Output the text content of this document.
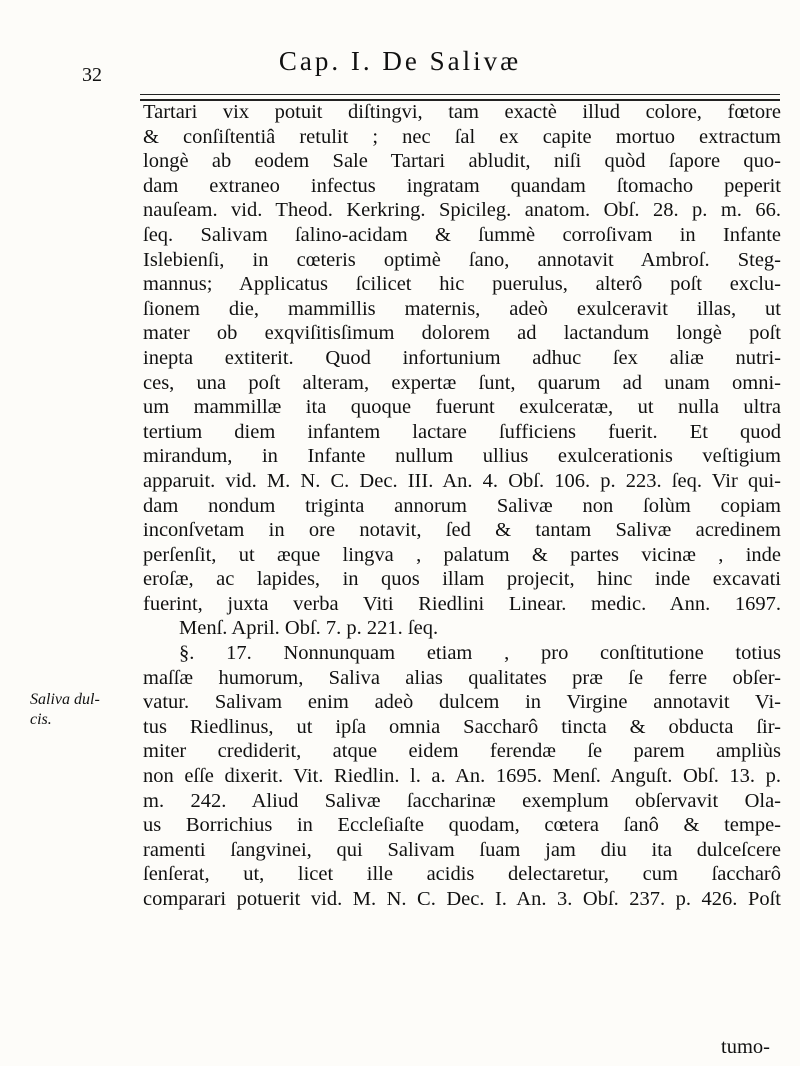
32	Cap. I. De Salivæ
Saliva dul-
cis.
Tartari vix potuit diſtingvi, tam exactè illud colore, fœtore
& conſiſtentiâ retulit ; nec ſal ex capite mortuo extractum
longè ab eodem Sale Tartari abludit, niſi quòd ſapore quo-
dam extraneo infectus ingratam quandam ſtomacho peperit
nauſeam. vid. Theod. Kerkring. Spicileg. anatom. Obſ. 28. p. m. 66.
ſeq. Salivam ſalino-acidam & ſummè corroſivam in Infante
Islebienſi, in cœteris optimè ſano, annotavit Ambroſ. Steg-
mannus; Applicatus ſcilicet hic puerulus, alterô poſt exclu-
ſionem die, mammillis maternis, adeò exulceravit illas, ut
mater ob exqviſitisſimum dolorem ad lactandum longè poſt
inepta extiterit. Quod infortunium adhuc ſex aliæ nutri-
ces, una poſt alteram, expertæ ſunt, quarum ad unam omni-
um mammillæ ita quoque fuerunt exulceratæ, ut nulla ultra
tertium diem infantem lactare ſufficiens fuerit. Et quod
mirandum, in Infante nullum ullius exulcerationis veſtigium
apparuit. vid. M. N. C. Dec. III. An. 4. Obſ. 106. p. 223. ſeq. Vir qui-
dam nondum triginta annorum Salivæ non ſolùm copiam
inconſvetam in ore notavit, ſed & tantam Salivæ acredinem
perſenſit, ut æque lingva , palatum & partes vicinæ , inde
eroſæ, ac lapides, in quos illam projecit, hinc inde excavati
fuerint, juxta verba Viti Riedlini Linear. medic. Ann. 1697.
Menſ. April. Obſ. 7. p. 221. ſeq.
§. 17. Nonnunquam etiam , pro conſtitutione totius
maſſæ humorum, Saliva alias qualitates præ ſe ferre obſer-
vatur. Salivam enim adeò dulcem in Virgine annotavit Vi-
tus Riedlinus, ut ipſa omnia Saccharô tincta & obducta ſir-
miter crediderit, atque eidem ferendæ ſe parem ampliùs
non eſſe dixerit. Vit. Riedlin. l. a. An. 1695. Menſ. Anguſt. Obſ. 13. p.
m. 242. Aliud Salivæ ſaccharinæ exemplum obſervavit Ola-
us Borrichius in Eccleſiaſte quodam, cœtera ſanô & tempe-
ramenti ſangvinei, qui Salivam ſuam jam diu ita dulceſcere
ſenſerat, ut, licet ille acidis delectaretur, cum ſaccharô
comparari potuerit vid. M. N. C. Dec. I. An. 3. Obſ. 237. p. 426. Poſt
tumo-
